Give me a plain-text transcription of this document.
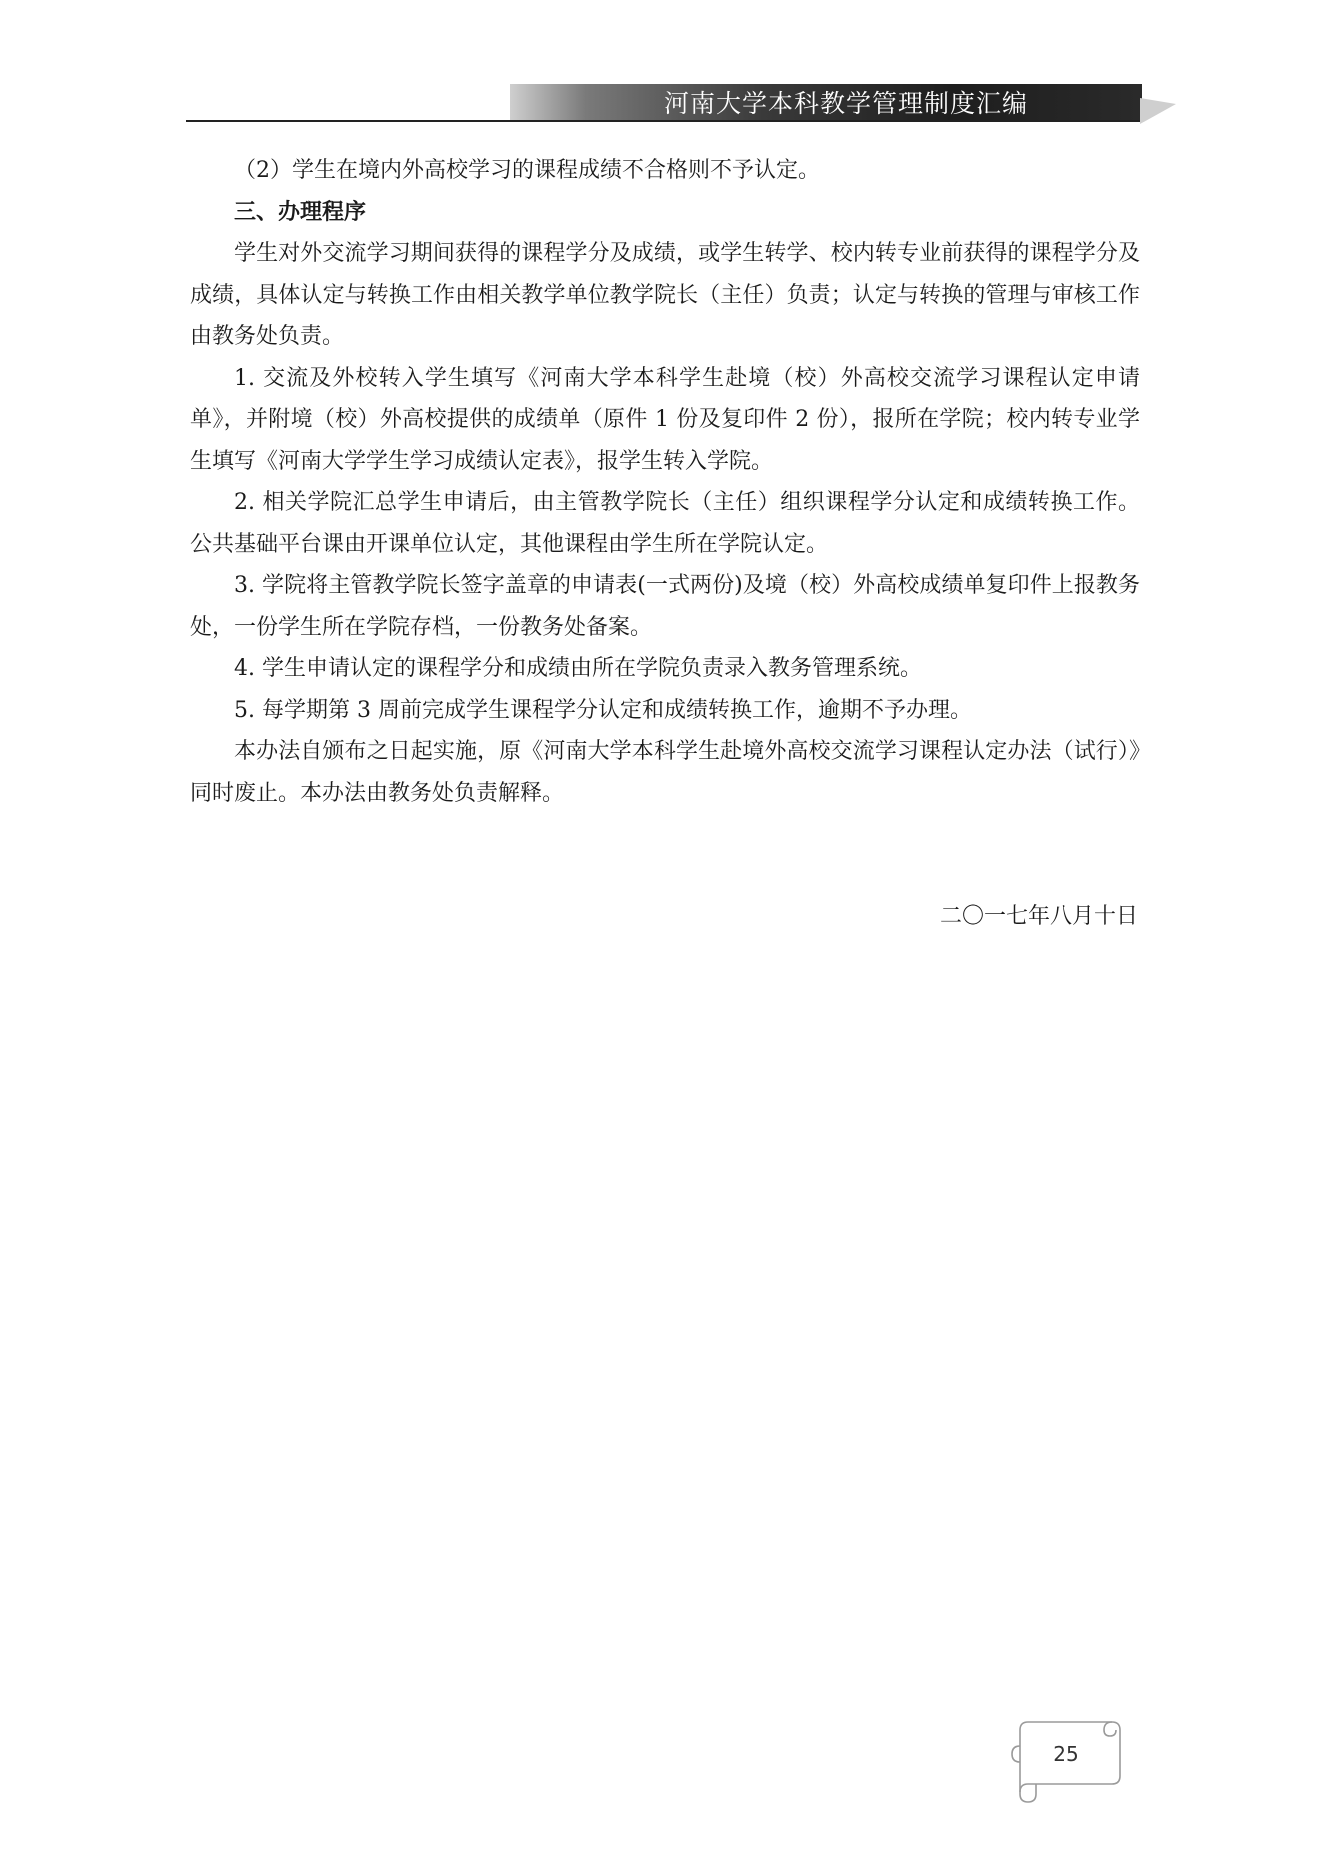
河南大学本科教学管理制度汇编

（2）学生在境内外高校学习的课程成绩不合格则不予认定。

三、办理程序

学生对外交流学习期间获得的课程学分及成绩，或学生转学、校内转专业前获得的课程学分及成绩，具体认定与转换工作由相关教学单位教学院长（主任）负责；认定与转换的管理与审核工作由教务处负责。

1. 交流及外校转入学生填写《河南大学本科学生赴境（校）外高校交流学习课程认定申请单》，并附境（校）外高校提供的成绩单（原件 1 份及复印件 2 份），报所在学院；校内转专业学生填写《河南大学学生学习成绩认定表》，报学生转入学院。

2. 相关学院汇总学生申请后，由主管教学院长（主任）组织课程学分认定和成绩转换工作。公共基础平台课由开课单位认定，其他课程由学生所在学院认定。

3. 学院将主管教学院长签字盖章的申请表(一式两份)及境（校）外高校成绩单复印件上报教务处，一份学生所在学院存档，一份教务处备案。

4. 学生申请认定的课程学分和成绩由所在学院负责录入教务管理系统。

5. 每学期第 3 周前完成学生课程学分认定和成绩转换工作，逾期不予办理。

本办法自颁布之日起实施，原《河南大学本科学生赴境外高校交流学习课程认定办法（试行）》同时废止。本办法由教务处负责解释。

二〇一七年八月十日
25
